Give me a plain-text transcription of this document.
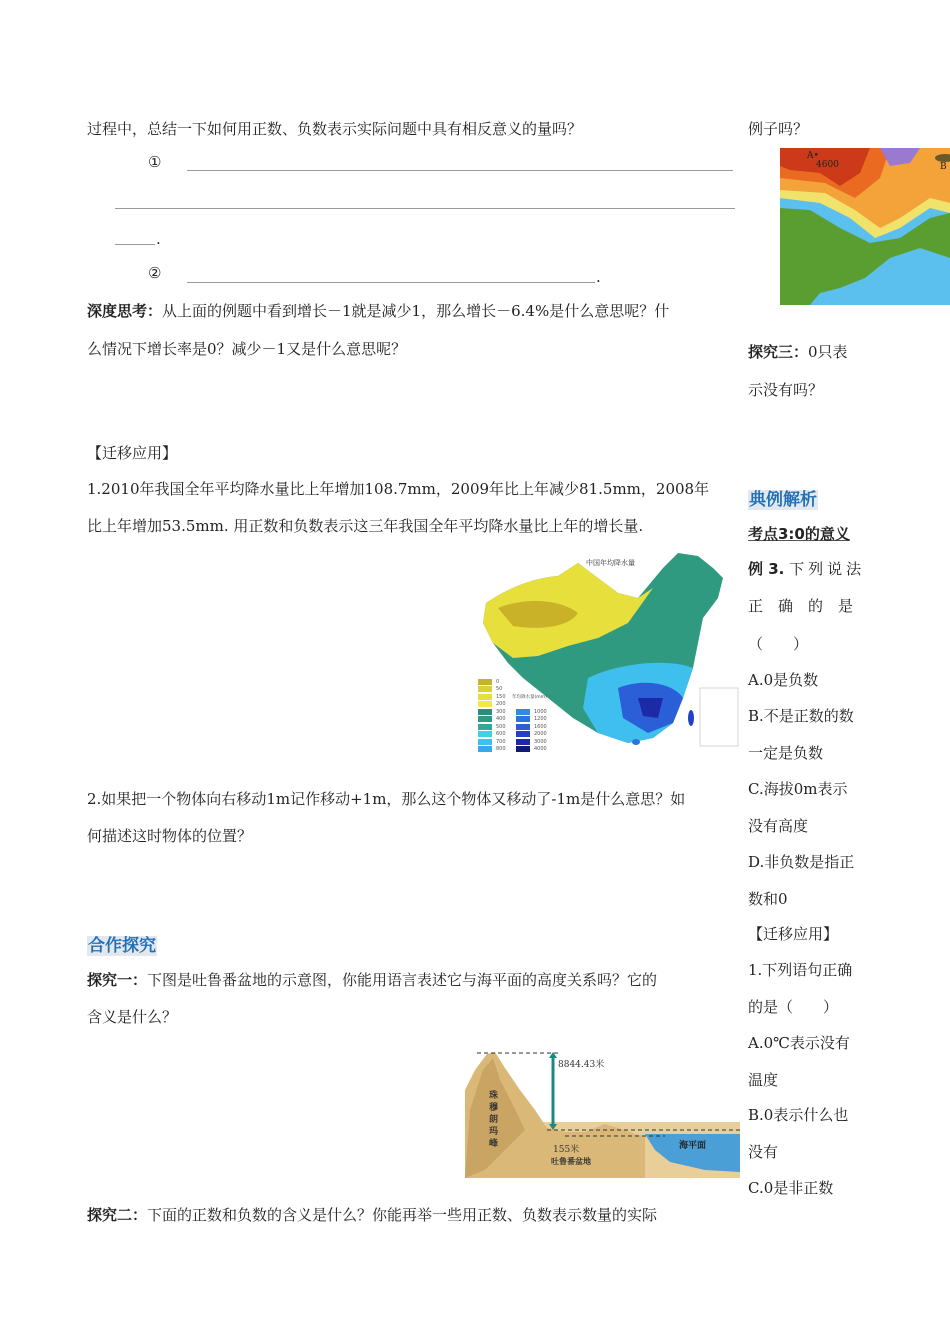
过程中，总结一下如何用正数、负数表示实际问题中具有相反意义的量吗？
①
.
②	.
深度思考：从上面的例题中看到增长－1就是减少1，那么增长－6.4%是什么意思呢？什
么情况下增长率是0？减少－1又是什么意思呢？
【迁移应用】
1.2010年我国全年平均降水量比上年增加108.7mm，2009年比上年减少81.5mm，2008年
比上年增加53.5mm. 用正数和负数表示这三年我国全年平均降水量比上年的增长量.
中国年均降水量
0
50
150
200
300
400
500
600
700
800
年均降水量(mm)
1000
1200
1600
2000
3000
4000
2.如果把一个物体向右移动1m记作移动+1m，那么这个物体又移动了-1m是什么意思？如
何描述这时物体的位置？
合作探究
探究一：下图是吐鲁番盆地的示意图，你能用语言表述它与海平面的高度关系吗？它的
含义是什么？
8844.43米
珠穆朗玛峰
155米
吐鲁番盆地
海平面
探究二：下面的正数和负数的含义是什么？你能再举一些用正数、负数表示数量的实际
例子吗？
A•
4600	B
探究三：0只表
示没有吗？
典例解析
考点3:0的意义
例 3. 下列说法
正　确　的　是
（　　）
A.0是负数
B.不是正数的数
一定是负数
C.海拔0m表示
没有高度
D.非负数是指正
数和0
【迁移应用】
1.下列语句正确
的是（　　）
A.0℃表示没有
温度
B.0表示什么也
没有
C.0是非正数
